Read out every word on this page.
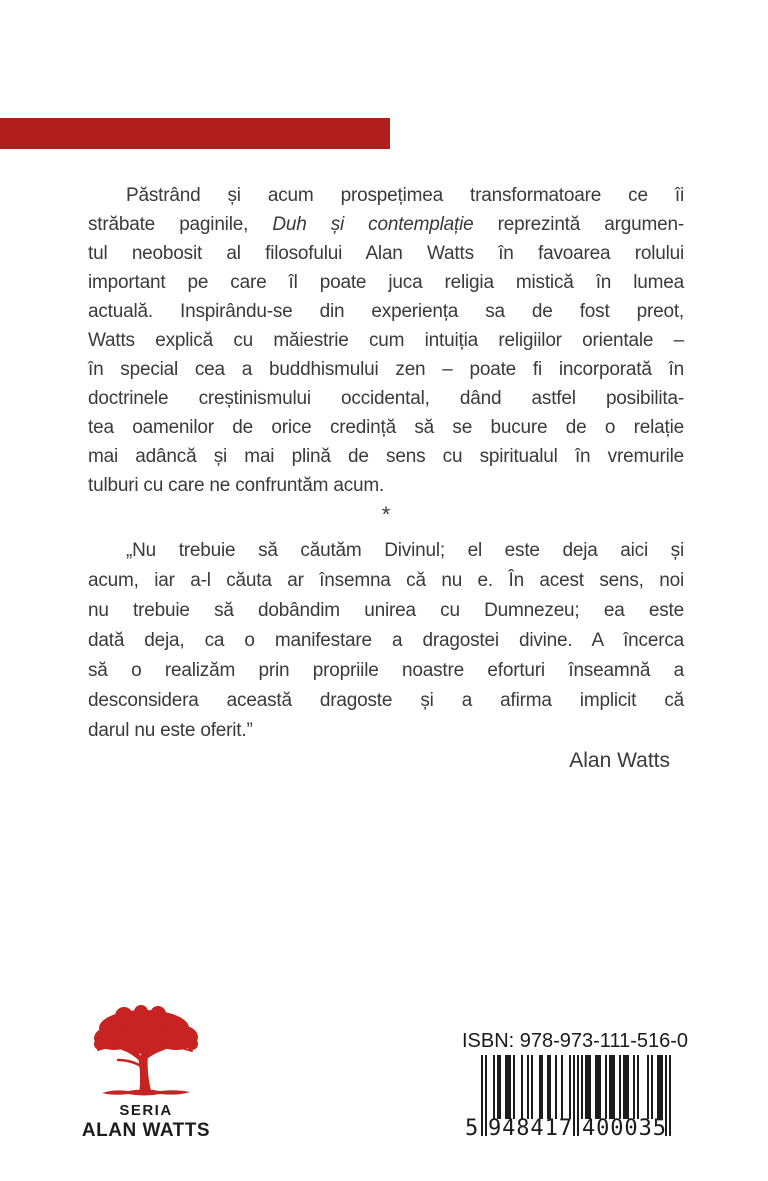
Păstrând și acum prospețimea transformatoare ce îi
străbate paginile, Duh și contemplație reprezintă argumen-
tul neobosit al filosofului Alan Watts în favoarea rolului
important pe care îl poate juca religia mistică în lumea
actuală. Inspirându-se din experiența sa de fost preot,
Watts explică cu măiestrie cum intuiția religiilor orientale –
în special cea a buddhismului zen – poate fi incorporată în
doctrinele creștinismului occidental, dând astfel posibilita-
tea oamenilor de orice credință să se bucure de o relație
mai adâncă și mai plină de sens cu spiritualul în vremurile
tulburi cu care ne confruntăm acum.
*
„Nu trebuie să căutăm Divinul; el este deja aici și
acum, iar a-l căuta ar însemna că nu e. În acest sens, noi
nu trebuie să dobândim unirea cu Dumnezeu; ea este
dată deja, ca o manifestare a dragostei divine. A încerca
să o realizăm prin propriile noastre eforturi înseamnă a
desconsidera această dragoste și a afirma implicit că
darul nu este oferit.”
Alan Watts
SERIA
ALAN WATTS
ISBN: 978-973-111-516-0
5 948417 400035
